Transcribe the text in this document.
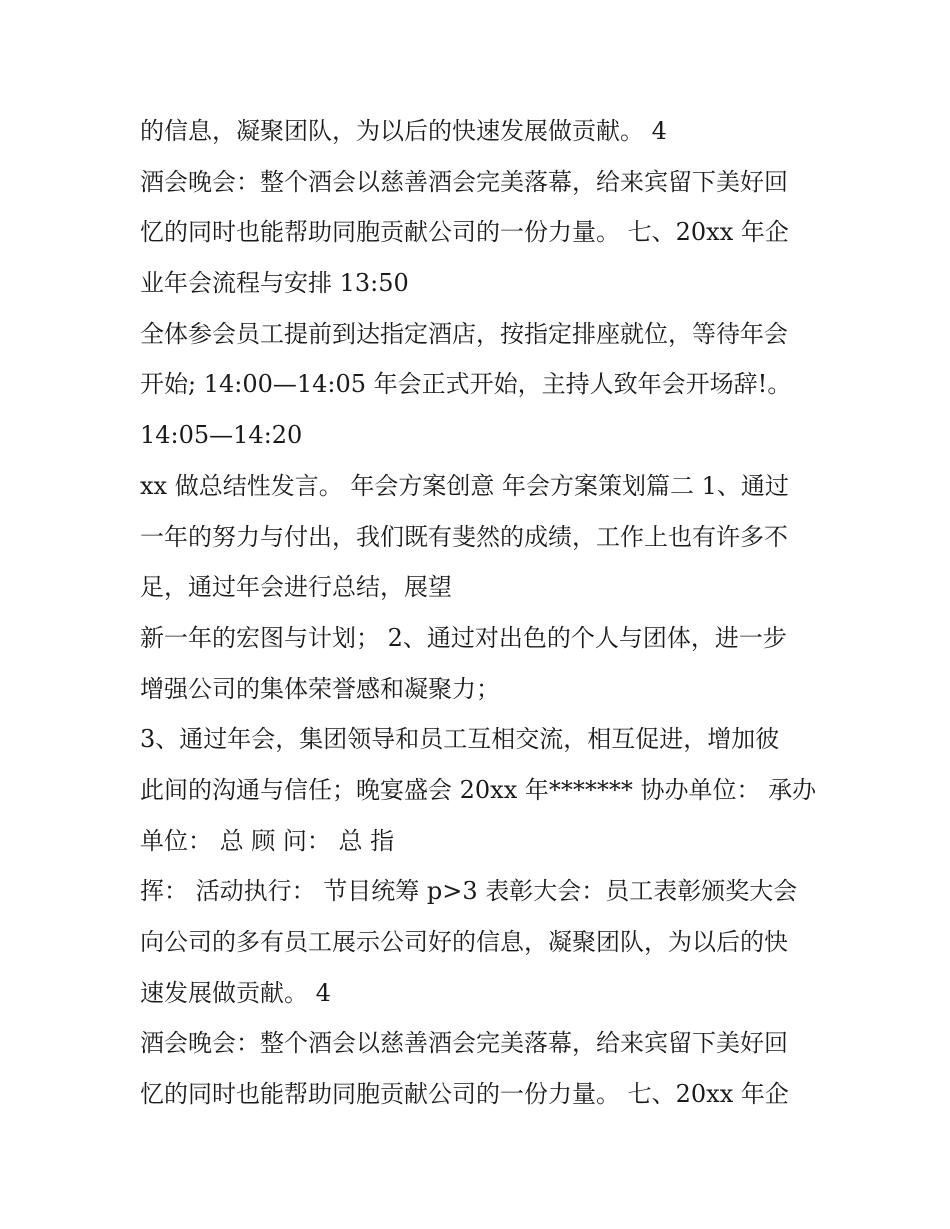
的信息，凝聚团队，为以后的快速发展做贡献。 4
酒会晚会：整个酒会以慈善酒会完美落幕，给来宾留下美好回
忆的同时也能帮助同胞贡献公司的一份力量。 七、20xx 年企
业年会流程与安排 13:50
全体参会员工提前到达指定酒店，按指定排座就位，等待年会
开始; 14:00—14:05 年会正式开始，主持人致年会开场辞!。
14:05—14:20
xx 做总结性发言。 年会方案创意 年会方案策划篇二 1、通过
一年的努力与付出，我们既有斐然的成绩，工作上也有许多不
足，通过年会进行总结，展望
新一年的宏图与计划； 2、通过对出色的个人与团体，进一步
增强公司的集体荣誉感和凝聚力；
3、通过年会，集团领导和员工互相交流，相互促进，增加彼
此间的沟通与信任；晚宴盛会 20xx 年******* 协办单位： 承办
单位： 总 顾 问： 总 指
挥： 活动执行： 节目统筹 p>3 表彰大会：员工表彰颁奖大会
向公司的多有员工展示公司好的信息，凝聚团队，为以后的快
速发展做贡献。 4
酒会晚会：整个酒会以慈善酒会完美落幕，给来宾留下美好回
忆的同时也能帮助同胞贡献公司的一份力量。 七、20xx 年企
